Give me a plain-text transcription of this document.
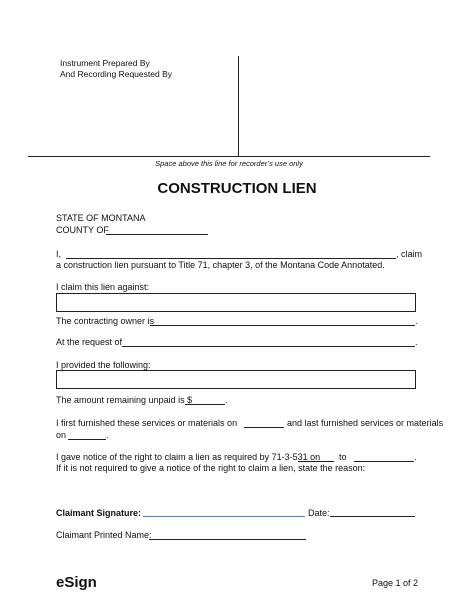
Instrument Prepared By
And Recording Requested By
Space above this line for recorder’s use only
CONSTRUCTION LIEN
STATE OF MONTANA
COUNTY OF
I,	, claim
a construction lien pursuant to Title 71, chapter 3, of the Montana Code Annotated.
I claim this lien against:
The contracting owner is	.
At the request of	.
I provided the following:
The amount remaining unpaid is $	.
I first furnished these services or materials on	and last furnished services or materials
on	.
I gave notice of the right to claim a lien as required by 71-3-531 on to	.
If it is not required to give a notice of the right to claim a lien, state the reason:
Claimant Signature:	Date:
Claimant Printed Name:
eSign	Page 1 of 2
